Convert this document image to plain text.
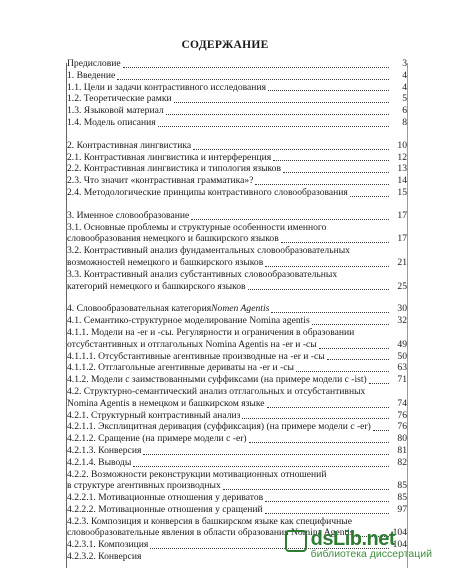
СОДЕРЖАНИЕ
Предисловие	3
1. Введение	4
1.1. Цели и задачи контрастивного исследования	4
1.2. Теоретические рамки	5
1.3. Языковой материал	6
1.4. Модель описания	8
2. Контрастивная лингвистика	10
2.1. Контрастивная лингвистика и интерференция	12
2.2. Контрастивная лингвистика и типология языков	13
2.3. Что значит «контрастивная грамматика»?	14
2.4. Методологические принципы контрастивного словообразования	15
3. Именное словообразование	17
3.1. Основные проблемы и структурные особенности именного
словообразования немецкого и башкирского языков	17
3.2. Контрастивный анализ фундаментальных словообразовательных
возможностей немецкого и башкирского языков	21
3.3. Контрастивный анализ субстантивных словообразовательных
категорий немецкого и башкирского языков	25
4. Словообразовательная категория Nomen Agentis	30
4.1. Семантико-структурное моделирование Nomina agentis	32
4.1.1. Модели на -er и -сы. Регулярности и ограничения в образовании
отсубстантивных и отглагольных Nomina Agentis на -er и -сы	49
4.1.1.1. Отсубстантивные агентивные производные на -er и -сы	50
4.1.1.2. Отглагольные агентивные дериваты на -er и -сы	63
4.1.2. Модели с заимствованными суффиксами (на примере модели с -ist)	71
4.2. Структурно-семантический анализ отглагольных и отсубстантивных
Nomina Agentis в немецком и башкирском языке	74
4.2.1. Структурный контрастивный анализ	76
4.2.1.1. Эксплицитная деривация (суффиксация) (на примере модели с -er)	76
4.2.1.2. Сращение (на примере модели с -er)	80
4.2.1.3. Конверсия	81
4.2.1.4. Выводы	82
4.2.2. Возможности реконструкции мотивационных отношений
в структуре агентивных производных	85
4.2.2.1. Мотивационные отношения у дериватов	85
4.2.2.2. Мотивационные отношения у сращений	97
4.2.3. Композиция и конверсия в башкирском языке как специфичные
словообразовательные явления в области образования Nomina Agentis	104
4.2.3.1. Композиция	104
4.2.3.2. Конверсия
dsLib.net
библиотека диссертаций
